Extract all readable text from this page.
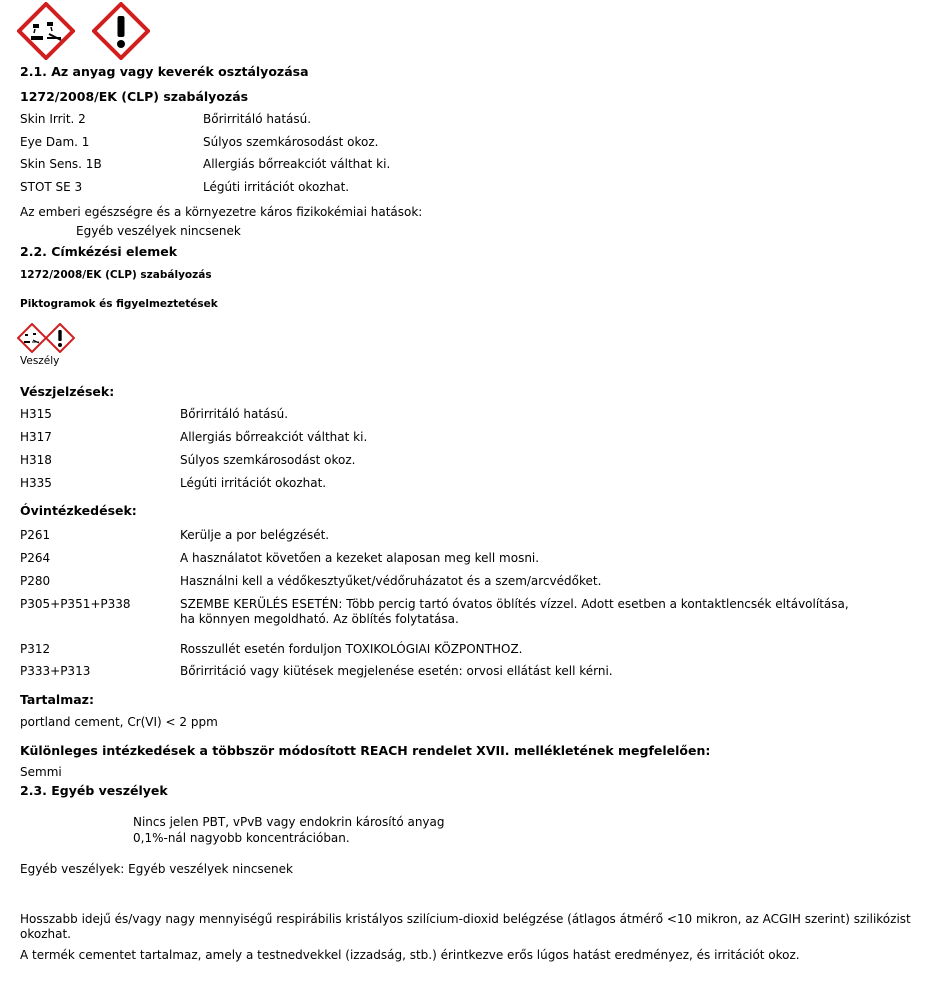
2.1. Az anyag vagy keverék osztályozása
1272/2008/EK (CLP) szabályozás
Skin Irrit. 2	Bőrirritáló hatású.
Eye Dam. 1	Súlyos szemkárosodást okoz.
Skin Sens. 1B	Allergiás bőrreakciót válthat ki.
STOT SE 3	Légúti irritációt okozhat.
Az emberi egészségre és a környezetre káros fizikokémiai hatások:
Egyéb veszélyek nincsenek
2.2. Címkézési elemek
1272/2008/EK (CLP) szabályozás
Piktogramok és figyelmeztetések
Veszély
Vészjelzések:
H315	Bőrirritáló hatású.
H317	Allergiás bőrreakciót válthat ki.
H318	Súlyos szemkárosodást okoz.
H335	Légúti irritációt okozhat.
Óvintézkedések:
P261	Kerülje a por belégzését.
P264	A használatot követően a kezeket alaposan meg kell mosni.
P280	Használni kell a védőkesztyűket/védőruházatot és a szem/arcvédőket.
P305+P351+P338	SZEMBE KERÜLÉS ESETÉN: Több percig tartó óvatos öblítés vízzel. Adott esetben a kontaktlencsék eltávolítása, ha könnyen megoldható. Az öblítés folytatása.
P312	Rosszullét esetén forduljon TOXIKOLÓGIAI KÖZPONTHOZ.
P333+P313	Bőrirritáció vagy kiütések megjelenése esetén: orvosi ellátást kell kérni.
Tartalmaz:
portland cement, Cr(VI) < 2 ppm
Különleges intézkedések a többször módosított REACH rendelet XVII. mellékletének megfelelően:
Semmi
2.3. Egyéb veszélyek
Nincs jelen PBT, vPvB vagy endokrin károsító anyag
0,1%-nál nagyobb koncentrációban.
Egyéb veszélyek: Egyéb veszélyek nincsenek
Hosszabb idejű és/vagy nagy mennyiségű respirábilis kristályos szilícium-dioxid belégzése (átlagos átmérő <10 mikron, az ACGIH szerint) szilikózist okozhat.
A termék cementet tartalmaz, amely a testnedvekkel (izzadság, stb.) érintkezve erős lúgos hatást eredményez, és irritációt okoz.
